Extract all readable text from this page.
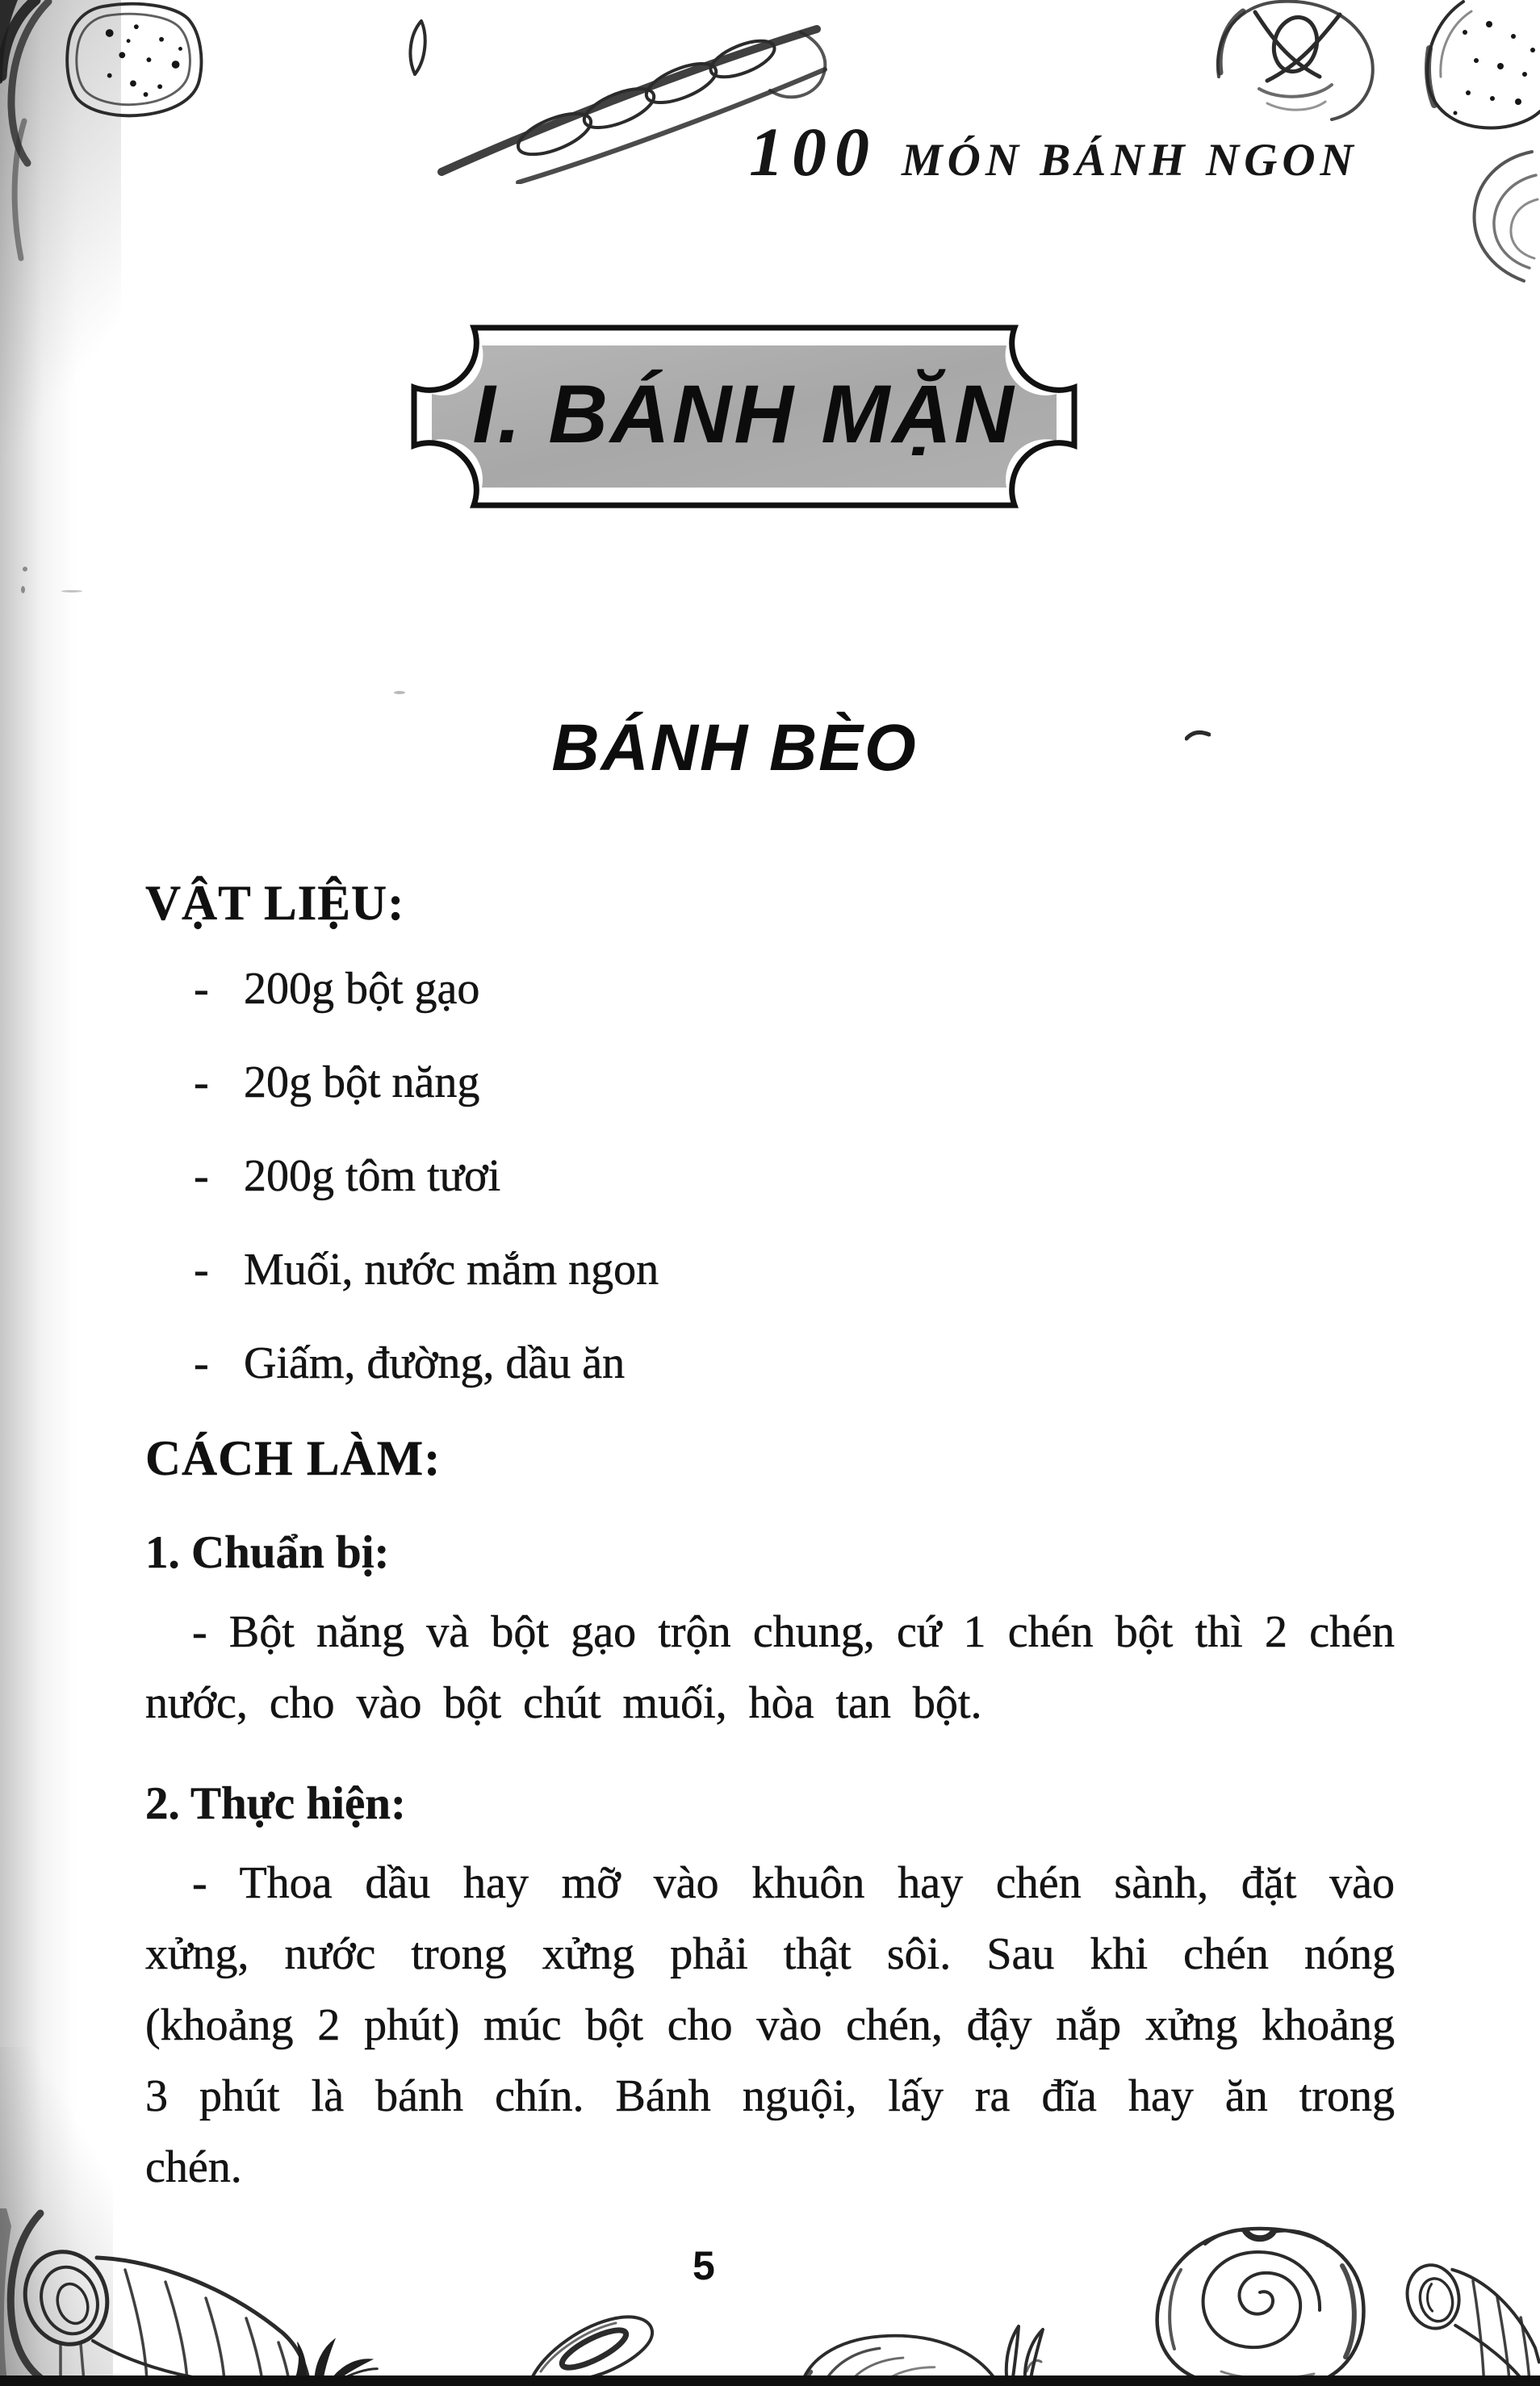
100 MÓN BÁNH NGON
I. BÁNH MẶN
BÁNH BÈO
VẬT LIỆU:
- 200g bột gạo
- 20g bột năng
- 200g tôm tươi
- Muối, nước mắm ngon
- Giấm, đường, dầu ăn
CÁCH LÀM:
1. Chuẩn bị:

- Bột năng và bột gạo trộn chung, cứ 1 chén bột thì 2 chén nước, cho vào bột chút muối, hòa tan bột.

2. Thực hiện:

- Thoa dầu hay mỡ vào khuôn hay chén sành, đặt vào xửng, nước trong xửng phải thật sôi. Sau khi chén nóng (khoảng 2 phút) múc bột cho vào chén, đậy nắp xửng khoảng 3 phút là bánh chín. Bánh nguội, lấy ra đĩa hay ăn trong chén.

5
